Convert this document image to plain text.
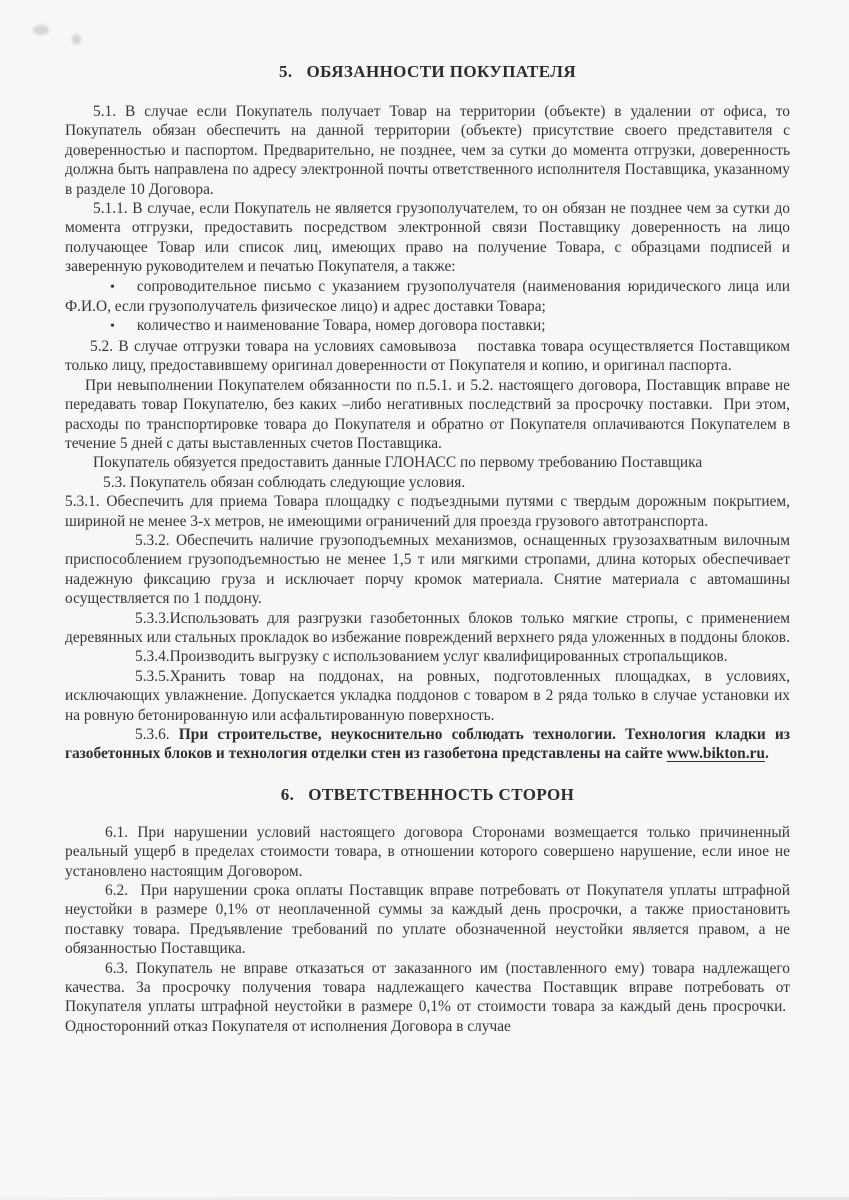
5. ОБЯЗАННОСТИ ПОКУПАТЕЛЯ

5.1. В случае если Покупатель получает Товар на территории (объекте) в удалении от офиса, то Покупатель обязан обеспечить на данной территории (объекте) присутствие своего представителя с доверенностью и паспортом. Предварительно, не позднее, чем за сутки до момента отгрузки, доверенность должна быть направлена по адресу электронной почты ответственного исполнителя Поставщика, указанному в разделе 10 Договора.

5.1.1. В случае, если Покупатель не является грузополучателем, то он обязан не позднее чем за сутки до момента отгрузки, предоставить посредством электронной связи Поставщику доверенность на лицо получающее Товар или список лиц, имеющих право на получение Товара, с образцами подписей и заверенную руководителем и печатью Покупателя, а также:

• сопроводительное письмо с указанием грузополучателя (наименования юридического лица или Ф.И.О, если грузополучатель физическое лицо) и адрес доставки Товара;

• количество и наименование Товара, номер договора поставки;

5.2. В случае отгрузки товара на условиях самовывоза    поставка товара осуществляется Поставщиком только лицу, предоставившему оригинал доверенности от Покупателя и копию, и оригинал паспорта.

При невыполнении Покупателем обязанности по п.5.1. и 5.2. настоящего договора, Поставщик вправе не передавать товар Покупателю, без каких –либо негативных последствий за просрочку поставки.  При этом, расходы по транспортировке товара до Покупателя и обратно от Покупателя оплачиваются Покупателем в течение 5 дней с даты выставленных счетов Поставщика.

Покупатель обязуется предоставить данные ГЛОНАСС по первому требованию Поставщика

5.3. Покупатель обязан соблюдать следующие условия.

5.3.1. Обеспечить для приема Товара площадку с подъездными путями с твердым дорожным покрытием, шириной не менее 3-х метров, не имеющими ограничений для проезда грузового автотранспорта.

5.3.2. Обеспечить наличие грузоподъемных механизмов, оснащенных грузозахватным вилочным приспособлением грузоподъемностью не менее 1,5 т или мягкими стропами, длина которых обеспечивает надежную фиксацию груза и исключает порчу кромок материала. Снятие материала с автомашины осуществляется по 1 поддону.

5.3.3.Использовать для разгрузки газобетонных блоков только мягкие стропы, с применением деревянных или стальных прокладок во избежание повреждений верхнего ряда уложенных в поддоны блоков.

5.3.4.Производить выгрузку с использованием услуг квалифицированных стропальщиков.

5.3.5.Хранить товар на поддонах, на ровных, подготовленных площадках, в условиях, исключающих увлажнение. Допускается укладка поддонов с товаром в 2 ряда только в случае установки их на ровную бетонированную или асфальтированную поверхность.

5.3.6. При строительстве, неукоснительно соблюдать технологии. Технология кладки из газобетонных блоков и технология отделки стен из газобетона представлены на сайте www.bikton.ru.

6. ОТВЕТСТВЕННОСТЬ СТОРОН

6.1. При нарушении условий настоящего договора Сторонами возмещается только причиненный реальный ущерб в пределах стоимости товара, в отношении которого совершено нарушение, если иное не установлено настоящим Договором.

6.2.  При нарушении срока оплаты Поставщик вправе потребовать от Покупателя уплаты штрафной неустойки в размере 0,1% от неоплаченной суммы за каждый день просрочки, а также приостановить поставку товара. Предъявление требований по уплате обозначенной неустойки является правом, а не обязанностью Поставщика.

6.3. Покупатель не вправе отказаться от заказанного им (поставленного ему) товара надлежащего качества. За просрочку получения товара надлежащего качества Поставщик вправе потребовать от Покупателя уплаты штрафной неустойки в размере 0,1% от стоимости товара за каждый день просрочки.  Односторонний отказ Покупателя от исполнения Договора в случае
